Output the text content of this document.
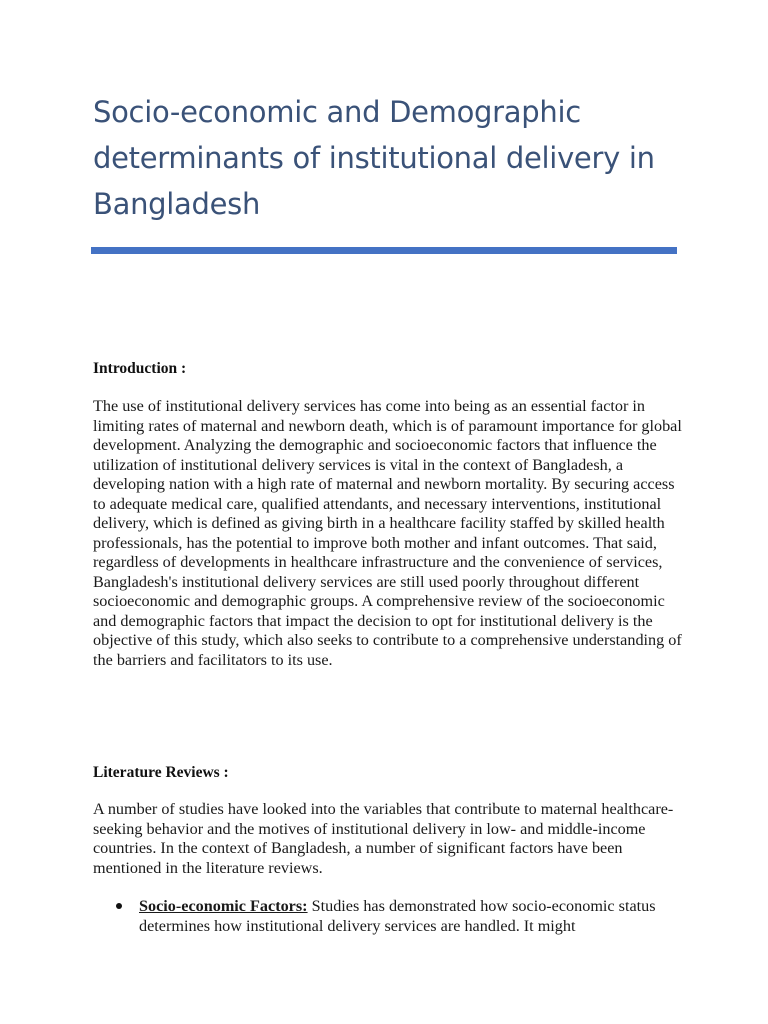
Socio-economic and Demographic determinants of institutional delivery in Bangladesh
Introduction :

The use of institutional delivery services has come into being as an essential factor in limiting rates of maternal and newborn death, which is of paramount importance for global development. Analyzing the demographic and socioeconomic factors that influence the utilization of institutional delivery services is vital in the context of Bangladesh, a developing nation with a high rate of maternal and newborn mortality. By securing access to adequate medical care, qualified attendants, and necessary interventions, institutional delivery, which is defined as giving birth in a healthcare facility staffed by skilled health professionals, has the potential to improve both mother and infant outcomes. That said, regardless of developments in healthcare infrastructure and the convenience of services, Bangladesh's institutional delivery services are still used poorly throughout different socioeconomic and demographic groups. A comprehensive review of the socioeconomic and demographic factors that impact the decision to opt for institutional delivery is the objective of this study, which also seeks to contribute to a comprehensive understanding of the barriers and facilitators to its use.

Literature Reviews :

A number of studies have looked into the variables that contribute to maternal healthcare-seeking behavior and the motives of institutional delivery in low- and middle-income countries. In the context of Bangladesh, a number of significant factors have been mentioned in the literature reviews.

Socio-economic Factors: Studies has demonstrated how socio-economic status determines how institutional delivery services are handled. It might
